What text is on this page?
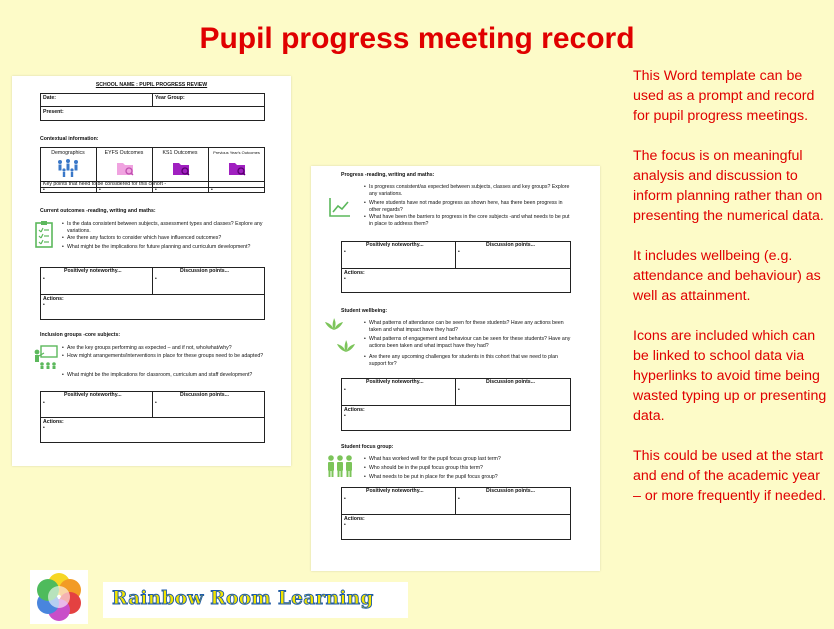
Pupil progress meeting record
SCHOOL NAME : PUPIL PROGRESS REVIEW
Date:	Year Group:
Present:
Contextual information:
Demographics	EYFS Outcomes	KS1 Outcomes	Previous Year's Outcomes
Key points that need to be considered for this cohort -
•	•	•	•
Current outcomes -reading, writing and maths:
• Is the data consistent between subjects, assessment types and classes? Explore any variations.
• Are there any factors to consider which have influenced outcomes?
• What might be the implications for future planning and curriculum development?
Positively noteworthy...	Discussion points...
•	•
Actions:
•
Inclusion groups -core subjects:
• Are the key groups performing as expected – and if not, who/what/why?
• How might arrangements/interventions in place for these groups need to be adapted?
• What might be the implications for classroom, curriculum and staff development?
Positively noteworthy...	Discussion points...
•	•
Actions:
•
Progress -reading, writing and maths:
• Is progress consistent/as expected between subjects, classes and key groups? Explore any variations.
• Where students have not made progress as shown here, has there been progress in other regards?
• What have been the barriers to progress in the core subjects -and what needs to be put in place to address them?
Positively noteworthy...	Discussion points...
•	•
Actions:
•
Student wellbeing:
• What patterns of attendance can be seen for these students? Have any actions been taken and what impact have they had?
• What patterns of engagement and behaviour can be seen for these students? Have any actions been taken and what impact have they had?
• Are there any upcoming challenges for students in this cohort that we need to plan support for?
Positively noteworthy...	Discussion points...
•	•
Actions:
•
Student focus group:
• What has worked well for the pupil focus group last term?
• Who should be in the pupil focus group this term?
• What needs to be put in place for the pupil focus group?
Positively noteworthy...	Discussion points...
•	•
Actions:
•

This Word template can be used as a prompt and record for pupil progress meetings.

The focus is on meaningful analysis and discussion to inform planning rather than on presenting the numerical data.

It includes wellbeing (e.g. attendance and behaviour) as well as attainment.

Icons are included which can be linked to school data via hyperlinks to avoid time being wasted typing up or presenting data.

This could be used at the start and end of the academic year – or more frequently if needed.

Rainbow Room Learning
